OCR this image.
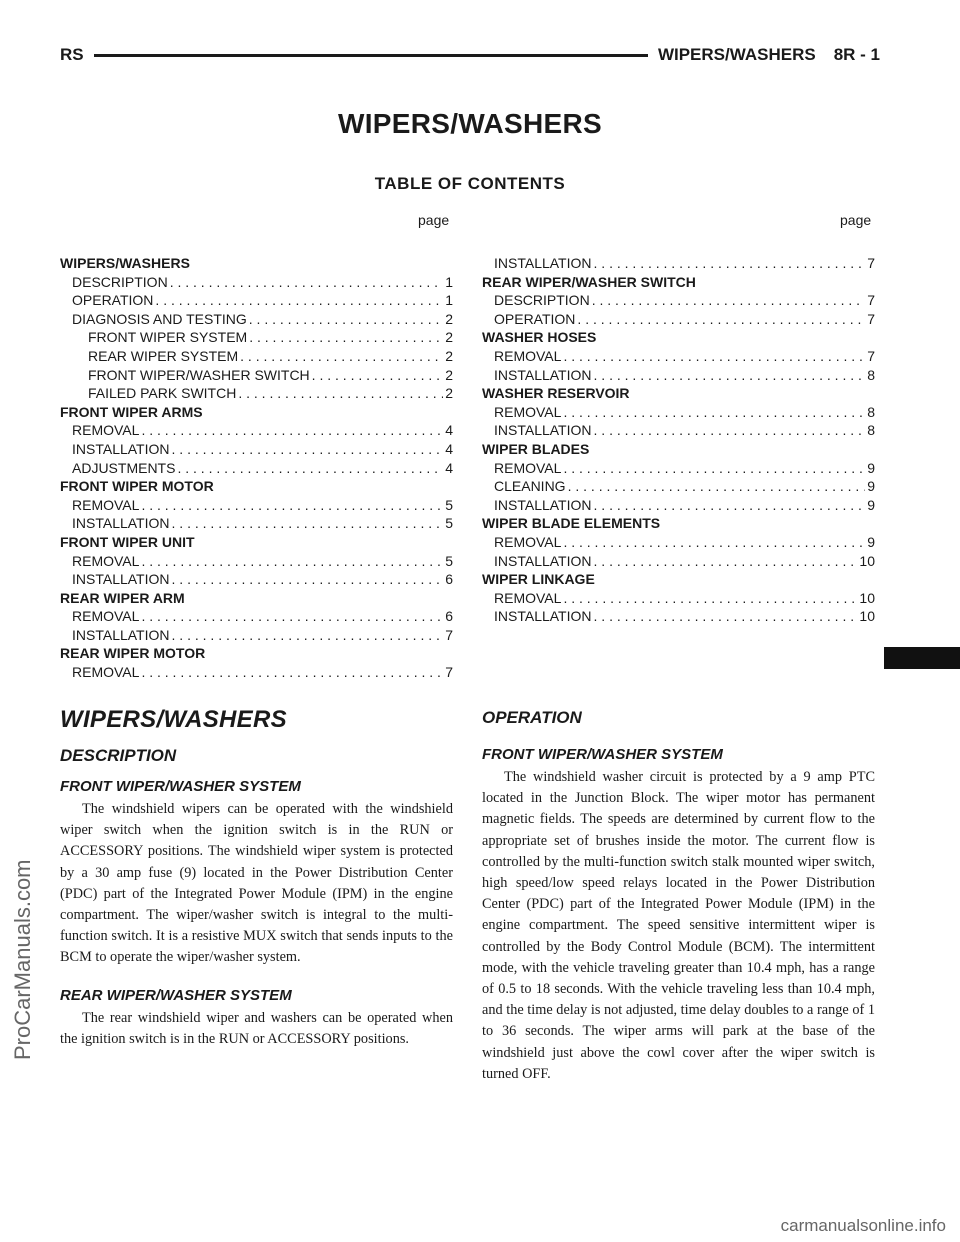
RS	WIPERS/WASHERS 8R - 1
WIPERS/WASHERS
TABLE OF CONTENTS
page	page
WIPERS/WASHERS
DESCRIPTION . . .	1
OPERATION . . .	1
DIAGNOSIS AND TESTING . . .	2
FRONT WIPER SYSTEM . . .	2
REAR WIPER SYSTEM . . .	2
FRONT WIPER/WASHER SWITCH . . .	2
FAILED PARK SWITCH . . .	2
FRONT WIPER ARMS
REMOVAL . . .	4
INSTALLATION . . .	4
ADJUSTMENTS . . .	4
FRONT WIPER MOTOR
REMOVAL . . .	5
INSTALLATION . . .	5
FRONT WIPER UNIT
REMOVAL . . .	5
INSTALLATION . . .	6
REAR WIPER ARM
REMOVAL . . .	6
INSTALLATION . . .	7
REAR WIPER MOTOR
REMOVAL . . .	7
INSTALLATION . . .	7
REAR WIPER/WASHER SWITCH
DESCRIPTION . . .	7
OPERATION . . .	7
WASHER HOSES
REMOVAL . . .	7
INSTALLATION . . .	8
WASHER RESERVOIR
REMOVAL . . .	8
INSTALLATION . . .	8
WIPER BLADES
REMOVAL . . .	9
CLEANING . . .	9
INSTALLATION . . .	9
WIPER BLADE ELEMENTS
REMOVAL . . .	9
INSTALLATION . . .	10
WIPER LINKAGE
REMOVAL . . .	10
INSTALLATION . . .	10
WIPERS/WASHERS
DESCRIPTION
FRONT WIPER/WASHER SYSTEM

The windshield wipers can be operated with the windshield wiper switch when the ignition switch is in the RUN or ACCESSORY positions. The windshield wiper system is protected by a 30 amp fuse (9) located in the Power Distribution Center (PDC) part of the Integrated Power Module (IPM) in the engine compartment. The wiper/washer switch is integral to the multi-function switch. It is a resistive MUX switch that sends inputs to the BCM to operate the wiper/washer system.

REAR WIPER/WASHER SYSTEM

The rear windshield wiper and washers can be operated when the ignition switch is in the RUN or ACCESSORY positions.

OPERATION
FRONT WIPER/WASHER SYSTEM

The windshield washer circuit is protected by a 9 amp PTC located in the Junction Block. The wiper motor has permanent magnetic fields. The speeds are determined by current flow to the appropriate set of brushes inside the motor. The current flow is controlled by the multi-function switch stalk mounted wiper switch, high speed/low speed relays located in the Power Distribution Center (PDC) part of the Integrated Power Module (IPM) in the engine compartment. The speed sensitive intermittent wiper is controlled by the Body Control Module (BCM). The intermittent mode, with the vehicle traveling greater than 10.4 mph, has a range of 0.5 to 18 seconds. With the vehicle traveling less than 10.4 mph, and the time delay is not adjusted, time delay doubles to a range of 1 to 36 seconds. The wiper arms will park at the base of the windshield just above the cowl cover after the wiper switch is turned OFF.

ProCarManuals.com
carmanualsonline.info
